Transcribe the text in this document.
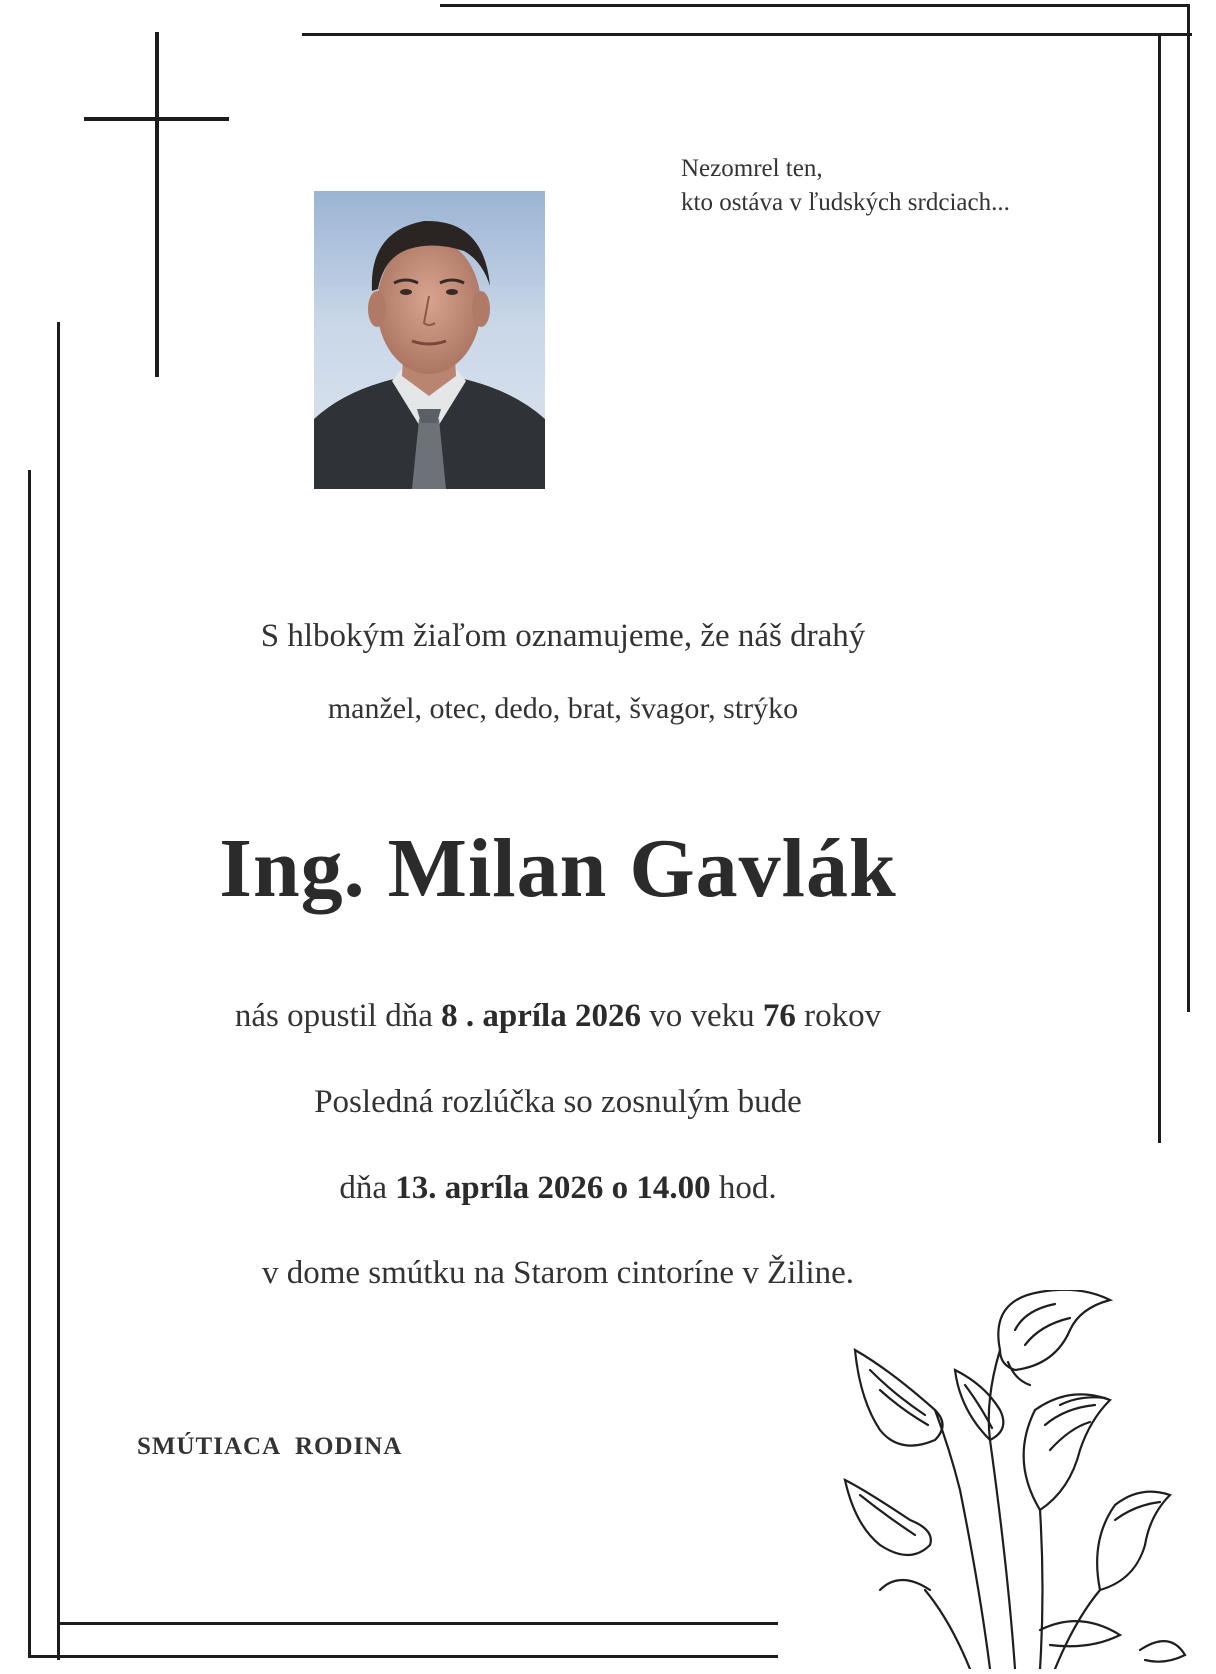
Nezomrel ten,
kto ostáva v ľudských srdciach...
S hlbokým žiaľom oznamujeme, že náš drahý
manžel, otec, dedo, brat, švagor, strýko
Ing. Milan Gavlák
nás opustil dňa 8 . apríla 2026 vo veku 76 rokov
Posledná rozlúčka so zosnulým bude
dňa 13. apríla 2026 o 14.00 hod.
v dome smútku na Starom cintoríne v Žiline.
SMÚTIACA RODINA
